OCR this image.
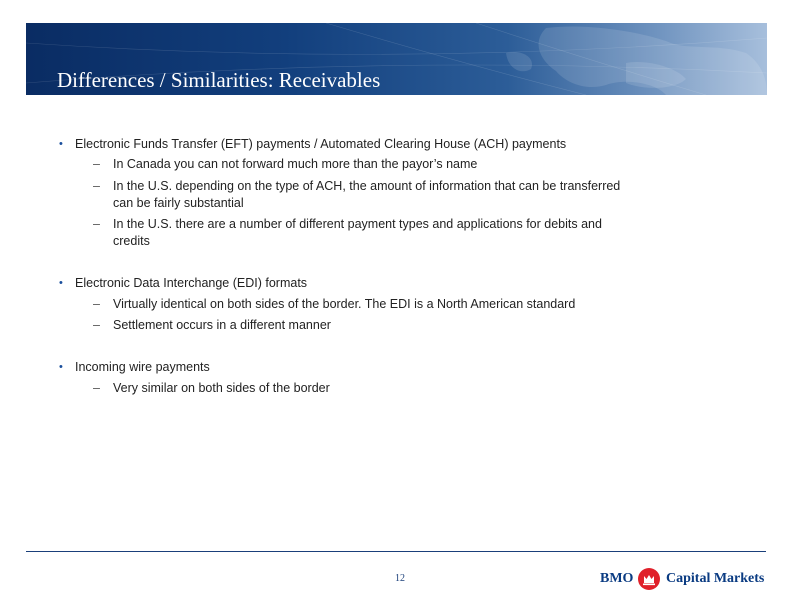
Differences / Similarities: Receivables
• Electronic Funds Transfer (EFT) payments / Automated Clearing House (ACH) payments
– In Canada you can not forward much more than the payor’s name
– In the U.S. depending on the type of ACH, the amount of information that can be transferred
can be fairly substantial
– In the U.S. there are a number of different payment types and applications for debits and
credits
• Electronic Data Interchange (EDI) formats
– Virtually identical on both sides of the border. The EDI is a North American standard
– Settlement occurs in a different manner
• Incoming wire payments
– Very similar on both sides of the border
12	BMO Capital Markets
